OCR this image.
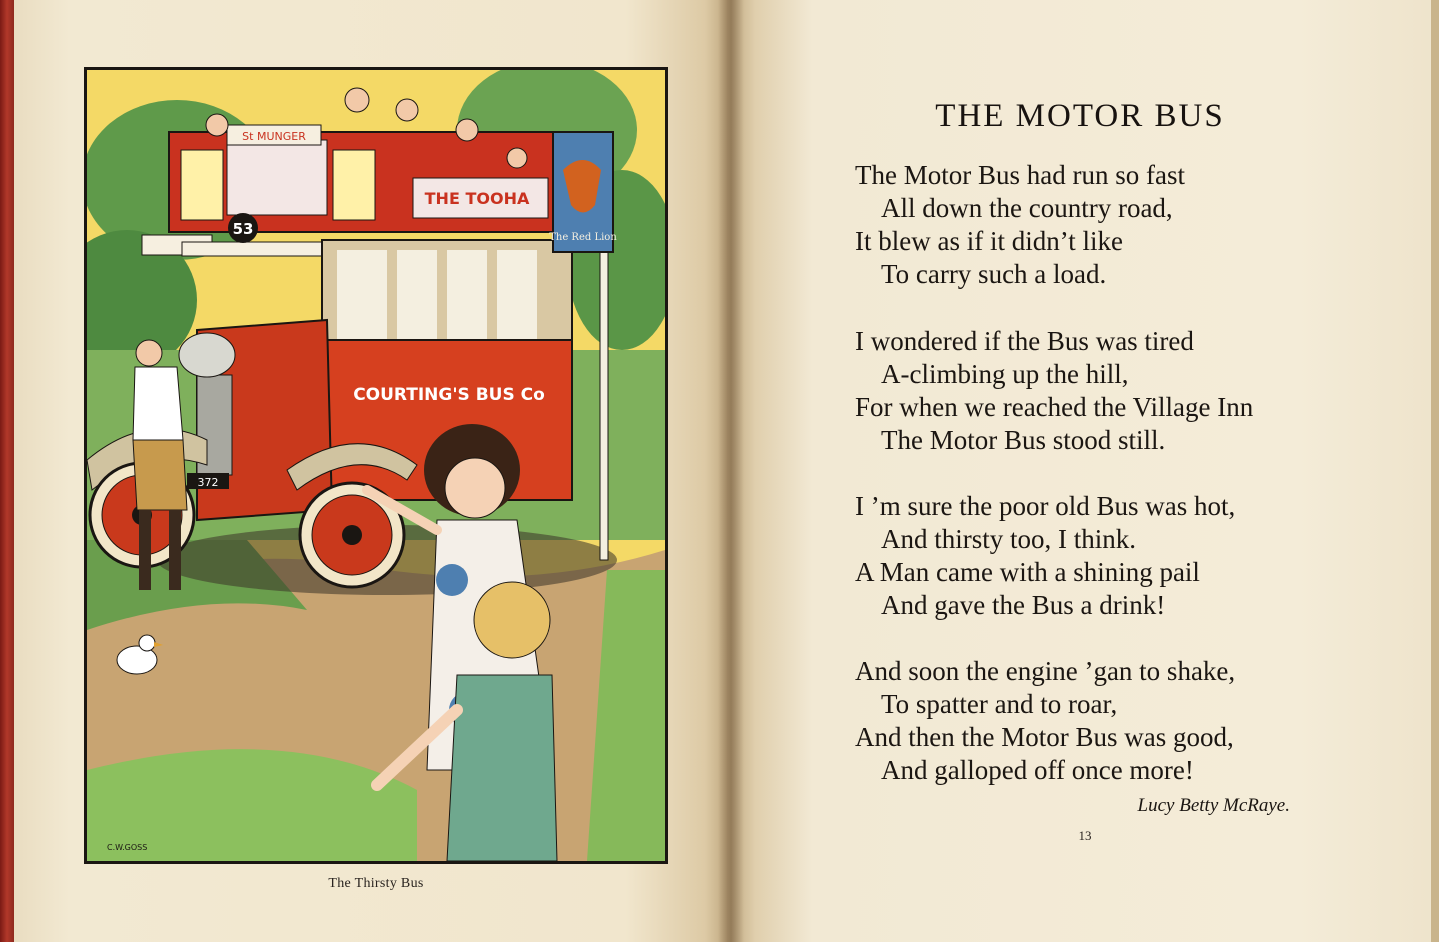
St MUNGER
THE TOOHA
53
COURTING'S BUS Co
372
The Red Lion
C.W.GOSS
The Thirsty Bus
THE MOTOR BUS
The Motor Bus had run so fast
All down the country road,
It blew as if it didn’t like
To carry such a load.
I wondered if the Bus was tired
A-climbing up the hill,
For when we reached the Village Inn
The Motor Bus stood still.
I ’m sure the poor old Bus was hot,
And thirsty too, I think.
A Man came with a shining pail
And gave the Bus a drink!
And soon the engine ’gan to shake,
To spatter and to roar,
And then the Motor Bus was good,
And galloped off once more!
Lucy Betty McRaye.
13
